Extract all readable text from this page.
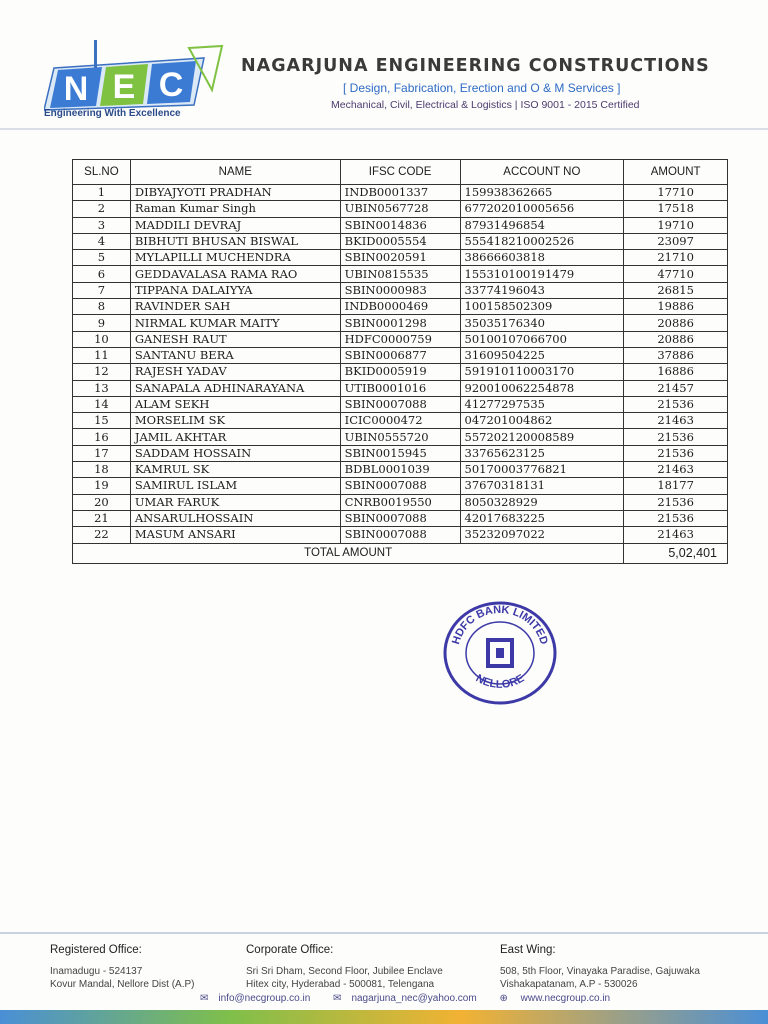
N E C
Engineering With Excellence
NAGARJUNA ENGINEERING CONSTRUCTIONS
[ Design, Fabrication, Erection and O & M Services ]
Mechanical, Civil, Electrical & Logistics | ISO 9001 - 2015 Certified
SL.NO	NAME	IFSC CODE	ACCOUNT NO	AMOUNT
1	DIBYAJYOTI PRADHAN	INDB0001337	159938362665	17710
2	Raman Kumar Singh	UBIN0567728	677202010005656	17518
3	MADDILI DEVRAJ	SBIN0014836	87931496854	19710
4	BIBHUTI BHUSAN BISWAL	BKID0005554	555418210002526	23097
5	MYLAPILLI MUCHENDRA	SBIN0020591	38666603818	21710
6	GEDDAVALASA RAMA RAO	UBIN0815535	155310100191479	47710
7	TIPPANA DALAIYYA	SBIN0000983	33774196043	26815
8	RAVINDER SAH	INDB0000469	100158502309	19886
9	NIRMAL KUMAR MAITY	SBIN0001298	35035176340	20886
10	GANESH RAUT	HDFC0000759	50100107066700	20886
11	SANTANU BERA	SBIN0006877	31609504225	37886
12	RAJESH YADAV	BKID0005919	591910110003170	16886
13	SANAPALA ADHINARAYANA	UTIB0001016	920010062254878	21457
14	ALAM SEKH	SBIN0007088	41277297535	21536
15	MORSELIM SK	ICIC0000472	047201004862	21463
16	JAMIL AKHTAR	UBIN0555720	557202120008589	21536
17	SADDAM HOSSAIN	SBIN0015945	33765623125	21536
18	KAMRUL SK	BDBL0001039	50170003776821	21463
19	SAMIRUL ISLAM	SBIN0007088	37670318131	18177
20	UMAR FARUK	CNRB0019550	8050328929	21536
21	ANSARULHOSSAIN	SBIN0007088	42017683225	21536
22	MASUM ANSARI	SBIN0007088	35232097022	21463
TOTAL AMOUNT				5,02,401
HDFC BANK LIMITED
NELLORE
Registered Office:
Inamadugu - 524137
Kovur Mandal, Nellore Dist (A.P)
Corporate Office:
Sri Sri Dham, Second Floor, Jubilee Enclave
Hitex city, Hyderabad - 500081, Telengana
East Wing:
508, 5th Floor, Vinayaka Paradise, Gajuwaka
Vishakapatanam, A.P - 530026
✉ info@necgroup.co.in ✉ nagarjuna_nec@yahoo.com ⊕ www.necgroup.co.in
